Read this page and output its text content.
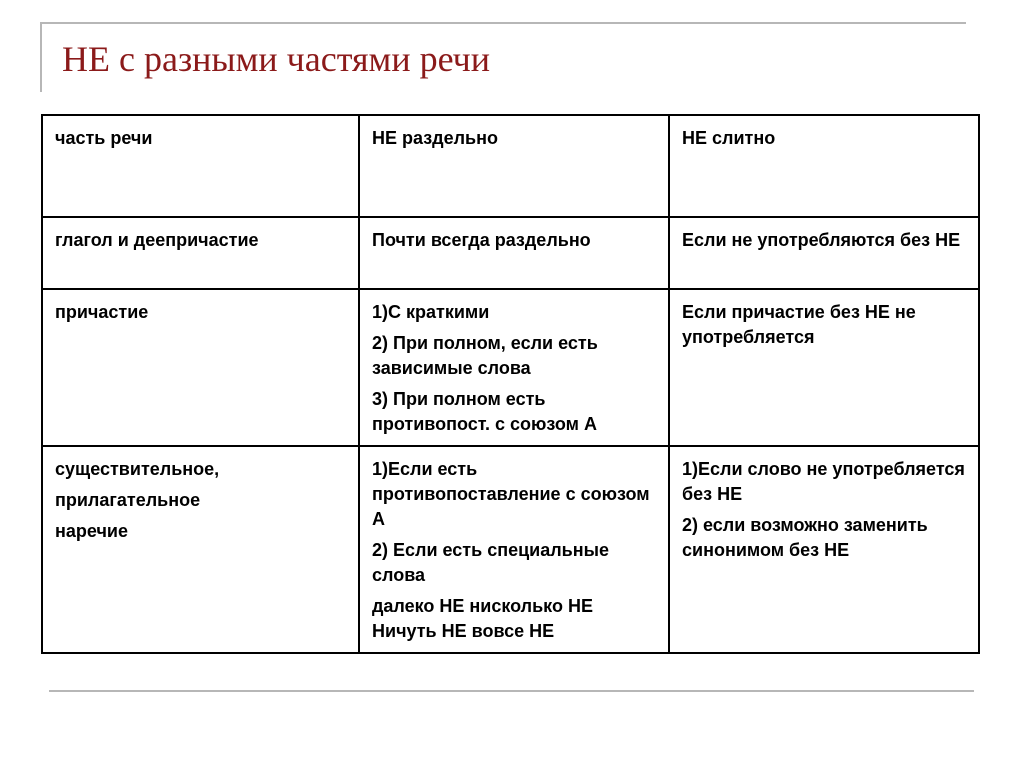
НЕ с разными частями речи
часть речи	НЕ раздельно	НЕ слитно

глагол и деепричастие	Почти всегда раздельно	Если не употребляются без НЕ

причастие	1)С краткими
2) При полном, если есть зависимые слова
3) При полном есть противопост. с союзом А	Если причастие без НЕ не употребляется

существительное,
прилагательное
наречие	1)Если есть противопоставление с союзом А
2) Если есть специальные слова
далеко НЕ нисколько НЕ Ничуть НЕ вовсе НЕ	1)Если слово не употребляется без НЕ
2) если возможно заменить синонимом без НЕ
